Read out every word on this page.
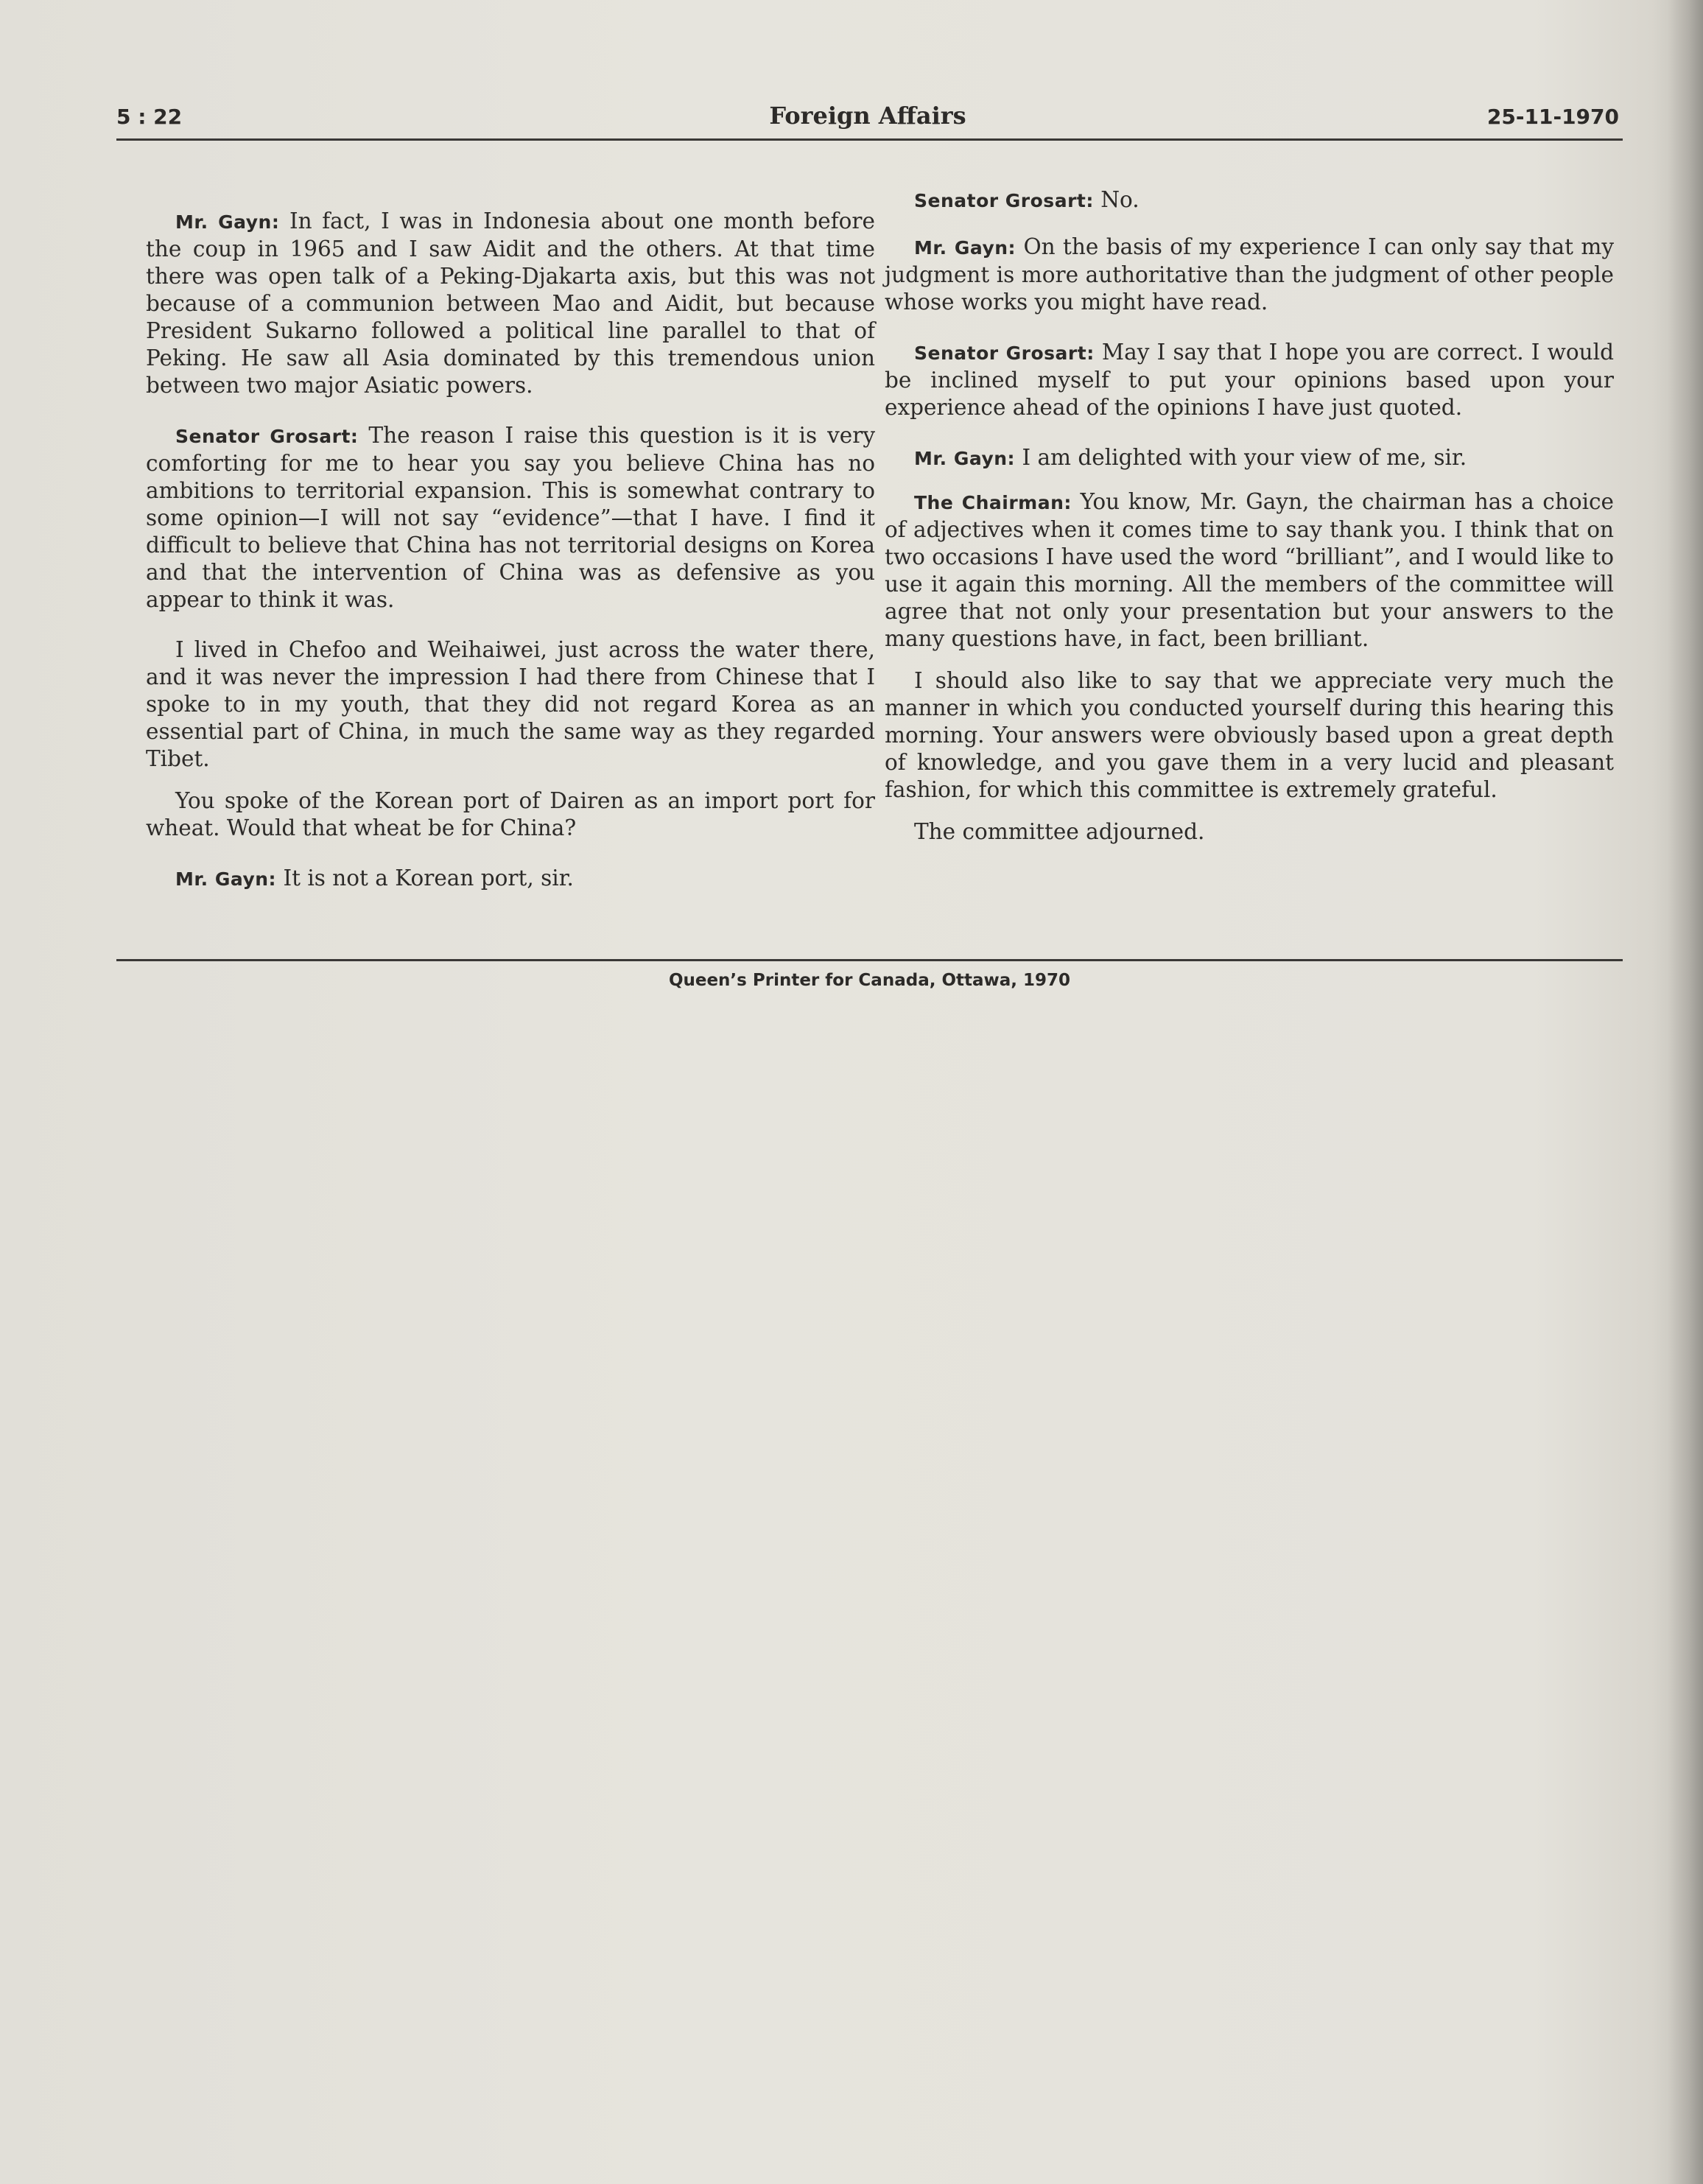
5 : 22	Foreign Affairs	25-11-1970

Mr. Gayn: In fact, I was in Indonesia about one month before the coup in 1965 and I saw Aidit and the others. At that time there was open talk of a Peking-Djakarta axis, but this was not because of a communion between Mao and Aidit, but because President Sukarno followed a political line parallel to that of Peking. He saw all Asia dominated by this tremendous union between two major Asiatic powers.

Senator Grosart: The reason I raise this question is it is very comforting for me to hear you say you believe China has no ambitions to territorial expansion. This is somewhat contrary to some opinion—I will not say “evidence”—that I have. I find it difficult to believe that China has not territorial designs on Korea and that the intervention of China was as defensive as you appear to think it was.

I lived in Chefoo and Weihaiwei, just across the water there, and it was never the impression I had there from Chinese that I spoke to in my youth, that they did not regard Korea as an essential part of China, in much the same way as they regarded Tibet.

You spoke of the Korean port of Dairen as an import port for wheat. Would that wheat be for China?

Mr. Gayn: It is not a Korean port, sir.

Senator Grosart: No.

Mr. Gayn: On the basis of my experience I can only say that my judgment is more authoritative than the judgment of other people whose works you might have read.

Senator Grosart: May I say that I hope you are correct. I would be inclined myself to put your opinions based upon your experience ahead of the opinions I have just quoted.

Mr. Gayn: I am delighted with your view of me, sir.

The Chairman: You know, Mr. Gayn, the chairman has a choice of adjectives when it comes time to say thank you. I think that on two occasions I have used the word “brilliant”, and I would like to use it again this morning. All the members of the committee will agree that not only your presentation but your answers to the many questions have, in fact, been brilliant.

I should also like to say that we appreciate very much the manner in which you conducted yourself during this hearing this morning. Your answers were obviously based upon a great depth of knowledge, and you gave them in a very lucid and pleasant fashion, for which this committee is extremely grateful.

The committee adjourned.

Queen’s Printer for Canada, Ottawa, 1970
